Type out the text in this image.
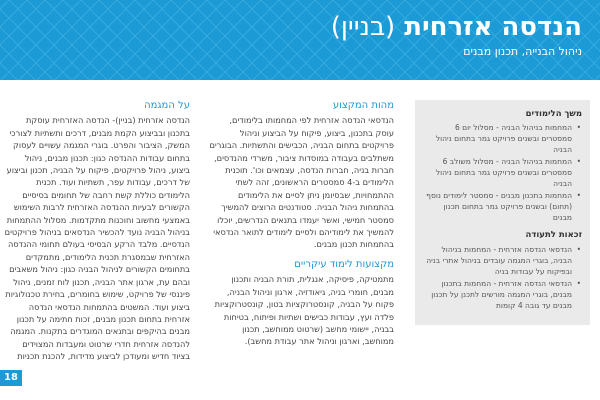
הנדסה אזרחית (בניין)
ניהול הבנייה, תכנון מבנים
משך הלימודים
• המחמות בניהול הבניה - מסלול יום 6 סמסטרים ובשנים פרויקט גמר בתחום ניהול הבניה
• המחמות בניהול הבניה - מסלול משולב 6 סמסטרים ובשנים פרויקט גמר בתחום ניהול הבניה
• המחמות בתכנון מבנים - סמסטר לימודים נוסף (תחום) ובשנים פרויקט גמר בתחום תכנון מבנים
זכאות לתעודה
• הנדסאי הנדסה אזרחית - המחמות בניהול הבניה, בוגרי המגמה עובדים בניהול אתרי בניה ובפיקוח על עבודות בניה
• הנדסאי הנדסה אזרחית - המחמות בתכנון מבנים, בוגרי המגמה מורשים לתכנן על תכנון מבנים עד גובה 4 קומות
מהות המקצוע

הנדסאי הנדסה אזרחית לפי המחמותו בלימודים, עוסק בתכנון, ביצוע, פיקוח על הביצוע וניהול פרויקטים בתחום הבניה, הכבישים והתשתיות. הבוגרים משתלבים בעבודה במוסדות ציבור, משרדי מהנדסים, חברות בניה, חברות הנדסה, עצמאים וכו'. תוכנית הלימודים ב-4 סמסטרים הראשונים, זהה לשתי ההתמחויות, שבסיומן ניתן לסיים את הלימודים בהתמחות ניהול הבניה. סטודנטים הרוצים להמשיך סמסטר חמישי, ואשר יעמדו בתנאים הנדרשים, יוכלו להמשיך את לימודיהם ולסיים לימודים לתואר הנדסאי בהתמחות תכנון מבנים.

מקצועות לימוד עיקריים

מתמטיקה, פיסיקה, אנגלית, תורת הבניה ותכנון מבנים, חומרי בניה, גיאודזיה, ארגון וניהול הבניה, פקוח על הבניה, קונסטרוקציות בטון, קונסטרוקציות פלדה ועץ, עבודות כבישים ושתיות ופיתוח, בטיחות בבניה, יישומי מחשב (שרטוט ממוחשב, תכנון ממוחשב, וארגון וניהול אתר עבודת מחשב).

על המגמה

הנדסה אזרחית (בניין)- הנדסה האזרחית עוסקת בתכנון ובביצוע הקמת מבנים, דרכים ותשתיות לצורכי המשק, הציבור והפרט. בוגרי המגמה עשויים לעסוק בתחום עבודות ההנדסה כגון: תכנון מבנים, ניהול ביצוע, ניהול פרויקטים, פיקוח על הבניה, תכנון וביצוע של דרכים, עבודות עפר, תשתיות ועוד. תכנית הלימודים כוללת קשת רחבה של תחומים בסיסיים הקשורים לבעיות ההנדסה האזרחית לרבות השימוש באמצעי מחשוב וחוכנות מתקדמות. מסלול ההתמחות בניהול הבניה נועד להכשיר הנדסאים בניהול פרויקטים הנדסיים. מלבד הרקע הבסיסי בעולם תחומי ההנדסה האזרחית שבמסגרת תכנית הלימודים, מתמקדים בתחומים הקשורים לניהול הבניה כגון: ניהול משאבים ובהם עת, ארגון אתר הבניה, תכנון לוח זמנים, ניהול פיננסי של פרויקט, שימוש בחומרים, בחירת טכנולוגיות ביצוע ועוד. המשטים בהתמחות הנדסאי הנדסה אזרחית בתחום תכנון מבנים, זכות חתימה על תכנון מבנים בהיקפים ובתנאים המוגדרים בתקנות. המגמה להנדסה אזרחית חדרי שרטוט ומעבדות המצוידים בציוד חדיש ומעודכן לביצוע מדידות, להכנת תכניות

18
